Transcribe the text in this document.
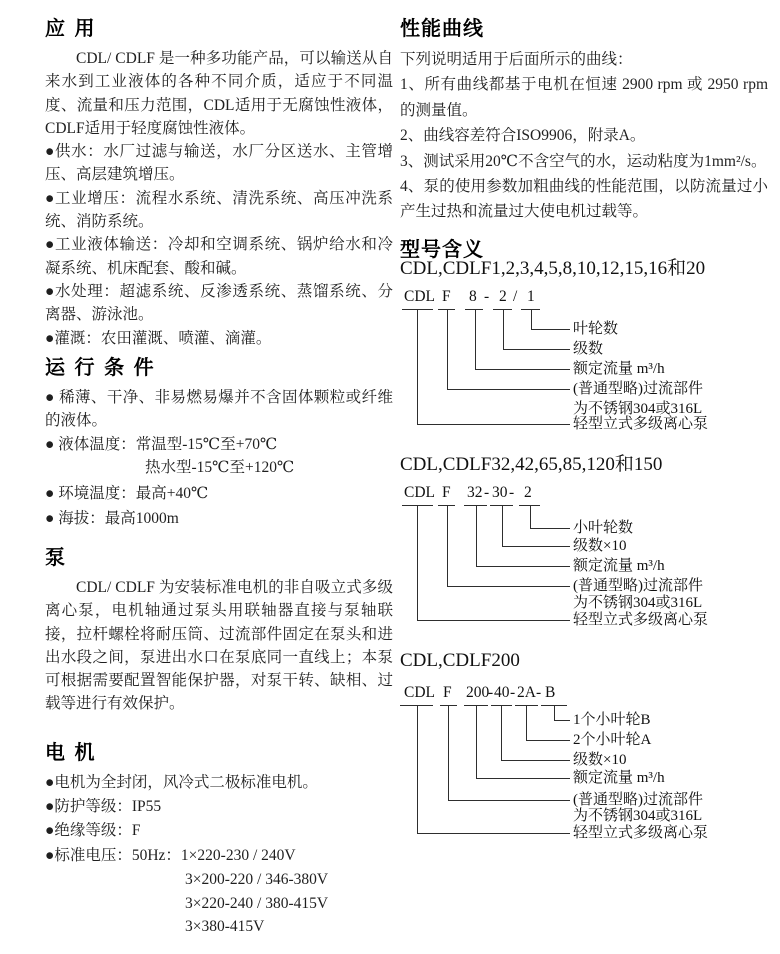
应 用

CDL/ CDLF 是一种多功能产品，可以输送从自来水到工业液体的各种不同介质，适应于不同温度、流量和压力范围，CDL适用于无腐蚀性液体，CDLF适用于轻度腐蚀性液体。

●供水：水厂过滤与输送，水厂分区送水、主管增压、高层建筑增压。
●工业增压：流程水系统、清洗系统、高压冲洗系统、消防系统。
●工业液体输送：冷却和空调系统、锅炉给水和冷凝系统、机床配套、酸和碱。
●水处理：超滤系统、反渗透系统、蒸馏系统、分离器、游泳池。
●灌溉：农田灌溉、喷灌、滴灌。
运 行 条 件
● 稀薄、干净、非易燃易爆并不含固体颗粒或纤维的液体。
● 液体温度：常温型-15℃至+70℃
热水型-15℃至+120℃
● 环境温度：最高+40℃
● 海拔：最高1000m
泵

CDL/ CDLF 为安装标准电机的非自吸立式多级离心泵，电机轴通过泵头用联轴器直接与泵轴联接，拉杆螺栓将耐压筒、过流部件固定在泵头和进出水段之间，泵进出水口在泵底同一直线上；本泵可根据需要配置智能保护器，对泵干转、缺相、过载等进行有效保护。

电 机
●电机为全封闭，风冷式二极标准电机。
●防护等级：IP55
●绝缘等级：F
●标准电压：50Hz：1×220-230 / 240V
3×200-220 / 346-380V
3×220-240 / 380-415V
3×380-415V
性能曲线
下列说明适用于后面所示的曲线：
1、所有曲线都基于电机在恒速 2900 rpm 或 2950 rpm 的测量值。
2、曲线容差符合ISO9906，附录A。
3、测试采用20℃不含空气的水，运动粘度为1mm²/s。
4、泵的使用参数加粗曲线的性能范围，以防流量过小产生过热和流量过大使电机过载等。
型号含义
CDL,CDLF1,2,3,4,5,8,10,12,15,16和20
CDL F 8 - 2 / 1
叶轮数
级数
额定流量 m³/h
(普通型略)过流部件
为不锈钢304或316L
轻型立式多级离心泵
CDL,CDLF32,42,65,85,120和150
CDL F 32 - 30 - 2
小叶轮数
级数×10
额定流量 m³/h
(普通型略)过流部件
为不锈钢304或316L
轻型立式多级离心泵
CDL,CDLF200
CDL F 200
- 40 - 2A - B
1个小叶轮B
2个小叶轮A
级数×10
额定流量 m³/h
(普通型略)过流部件
为不锈钢304或316L
轻型立式多级离心泵
